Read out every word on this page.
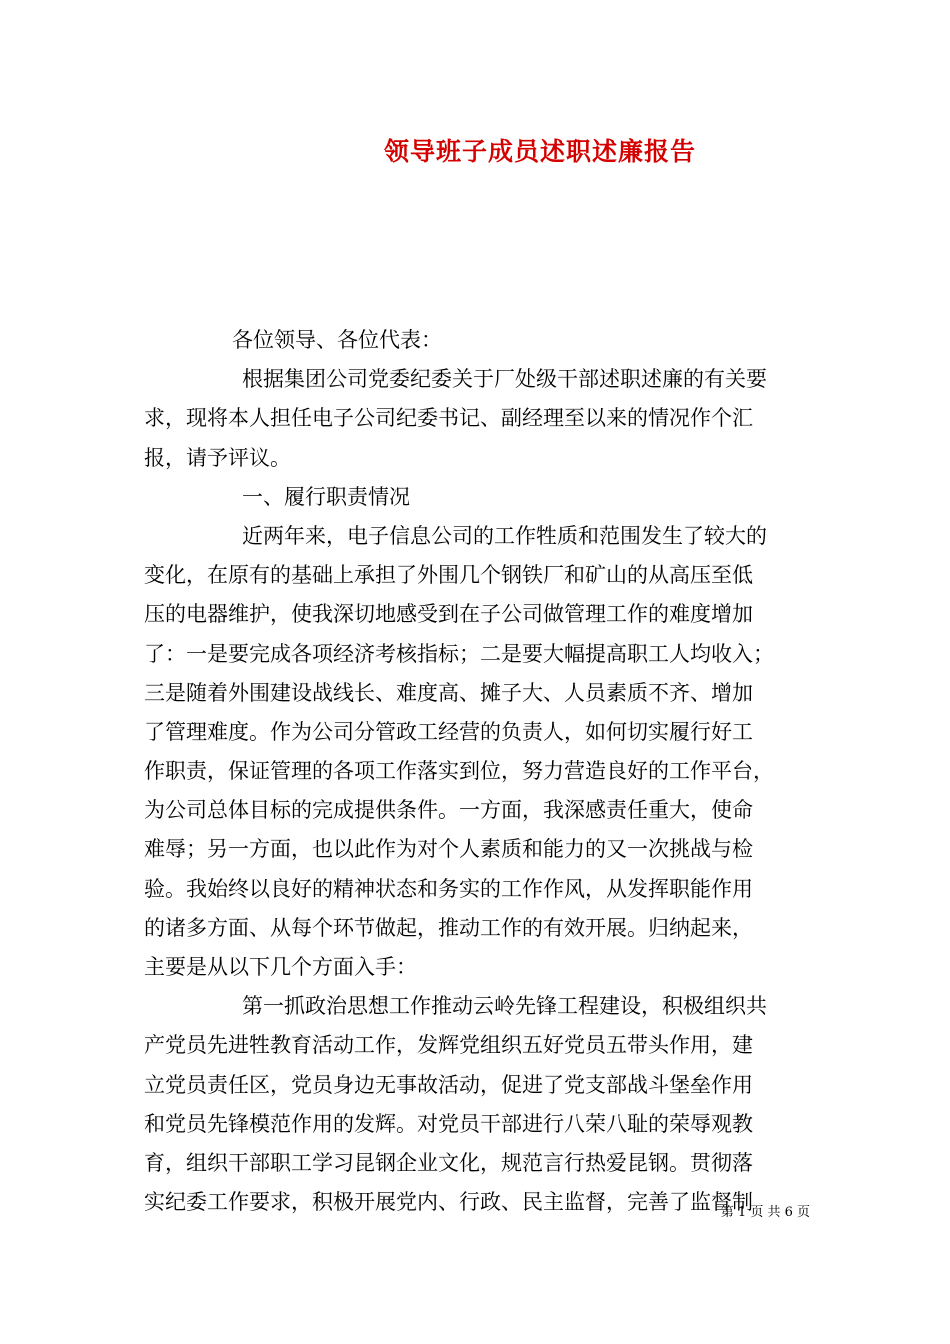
领导班子成员述职述廉报告
各位领导、各位代表：
根据集团公司党委纪委关于厂处级干部述职述廉的有关要
求，现将本人担任电子公司纪委书记、副经理至以来的情况作个汇
报，请予评议。
一、履行职责情况
近两年来，电子信息公司的工作牲质和范围发生了较大的
变化，在原有的基础上承担了外围几个钢铁厂和矿山的从高压至低
压的电器维护，使我深切地感受到在子公司做管理工作的难度增加
了：一是要完成各项经济考核指标；二是要大幅提高职工人均收入；
三是随着外围建设战线长、难度高、摊子大、人员素质不齐、增加
了管理难度。作为公司分管政工经营的负责人，如何切实履行好工
作职责，保证管理的各项工作落实到位，努力营造良好的工作平台，
为公司总体目标的完成提供条件。一方面，我深感责任重大，使命
难辱；另一方面，也以此作为对个人素质和能力的又一次挑战与检
验。我始终以良好的精神状态和务实的工作作风，从发挥职能作用
的诸多方面、从每个环节做起，推动工作的有效开展。归纳起来，
主要是从以下几个方面入手：
第一抓政治思想工作推动云岭先锋工程建设，积极组织共
产党员先进牲教育活动工作，发辉党组织五好党员五带头作用，建
立党员责任区，党员身边无事故活动，促进了党支部战斗堡垒作用
和党员先锋模范作用的发辉。对党员干部进行八荣八耻的荣辱观教
育，组织干部职工学习昆钢企业文化，规范言行热爱昆钢。贯彻落
实纪委工作要求，积极开展党内、行政、民主监督，完善了监督制
第 1 页 共 6 页
